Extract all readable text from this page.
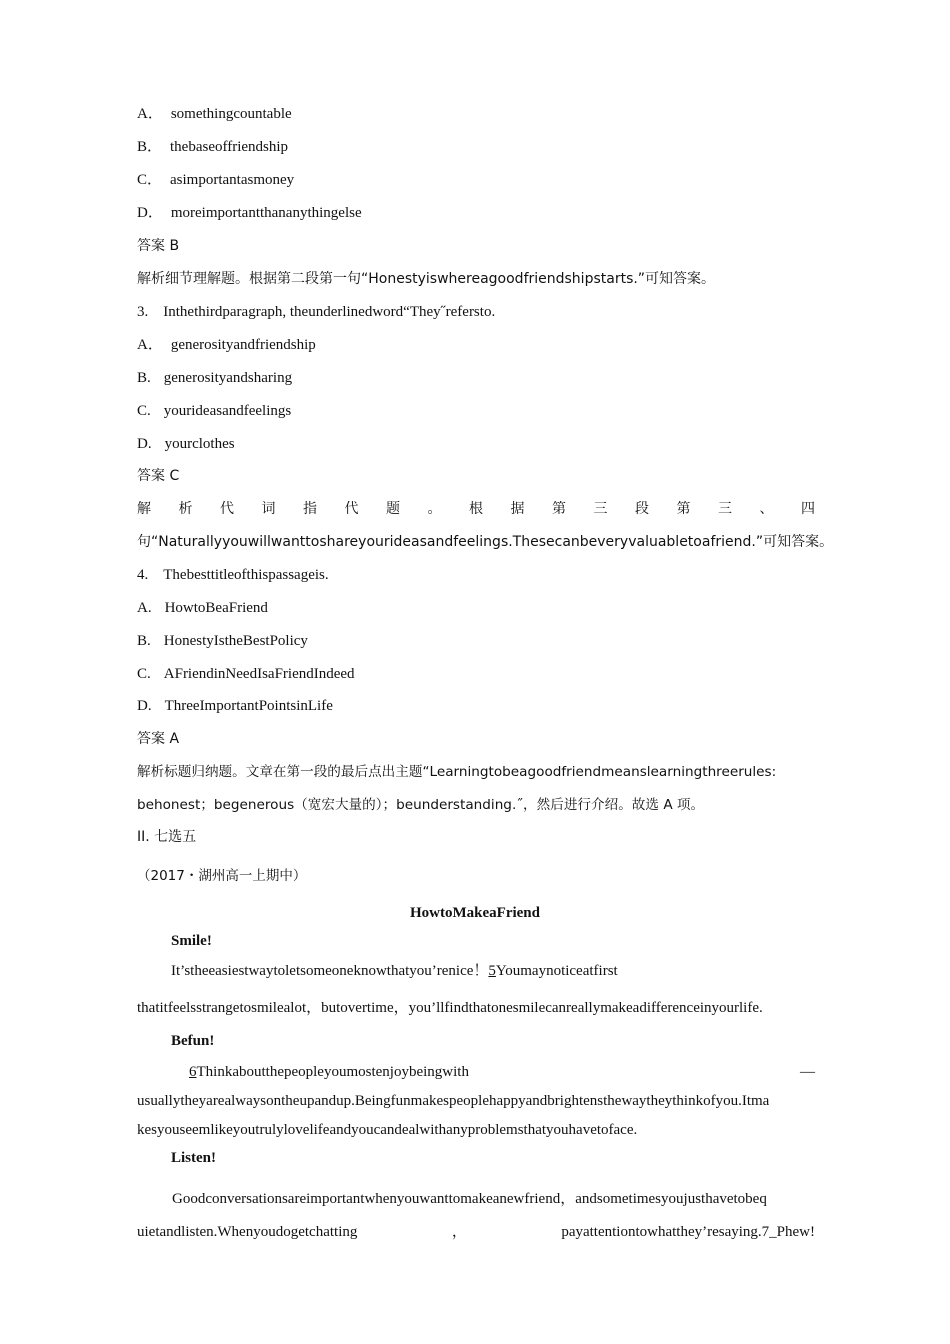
A． somethingcountable
B． thebaseoffriendship
C． asimportantasmoney
D． moreimportantthananythingelse
答案 B
解析细节理解题。根据第二段第一句“Honestyiswhereagoodfriendshipstarts.”可知答案。
3.　Inthethirdparagraph, theunderlinedword“They˝refersto.
A． generosityandfriendship
B. generosityandsharing
C. yourideasandfeelings
D. yourclothes
答案 C
解 析 代 词 指 代 题 。 根 据 第 三 段 第 三 、 四
句“Naturallyyouwillwanttoshareyourideasandfeelings.Thesecanbeveryvaluabletoafriend.”可知答案。
4.　Thebesttitleofthispassageis.
A. HowtoBeaFriend
B. HonestyIstheBestPolicy
C. AFriendinNeedIsaFriendIndeed
D. ThreeImportantPointsinLife
答案 A
解析标题归纳题。文章在第一段的最后点出主题“Learningtobeagoodfriendmeanslearningthreerules:
behonest；begenerous（宽宏大量的）；beunderstanding.˝，然后进行介绍。故选 A 项。
II. 七选五
（2017・湖州高一上期中）
HowtoMakeaFriend
Smile!
It’stheeasiestwaytoletsomeoneknowthatyou’renice！5Youmaynoticeatfirst
thatitfeelsstrangetosmilealot，butovertime，you’llfindthatonesmilecanreallymakeadifferenceinyourlife.
Befun!
6Thinkaboutthepeopleyoumostenjoybeingwith	—
usuallytheyarealwaysontheupandup.Beingfunmakespeoplehappyandbrightensthewaytheythinkofyou.Itma
kesyouseemlikeyoutrulylovelifeandyoucandealwithanyproblemsthatyouhavetoface.
Listen!
Goodconversationsareimportantwhenyouwanttomakeanewfriend，andsometimesyoujusthavetobeq
uietandlisten.Whenyoudogetchatting	，	payattentiontowhatthey’resaying.7_Phew!
